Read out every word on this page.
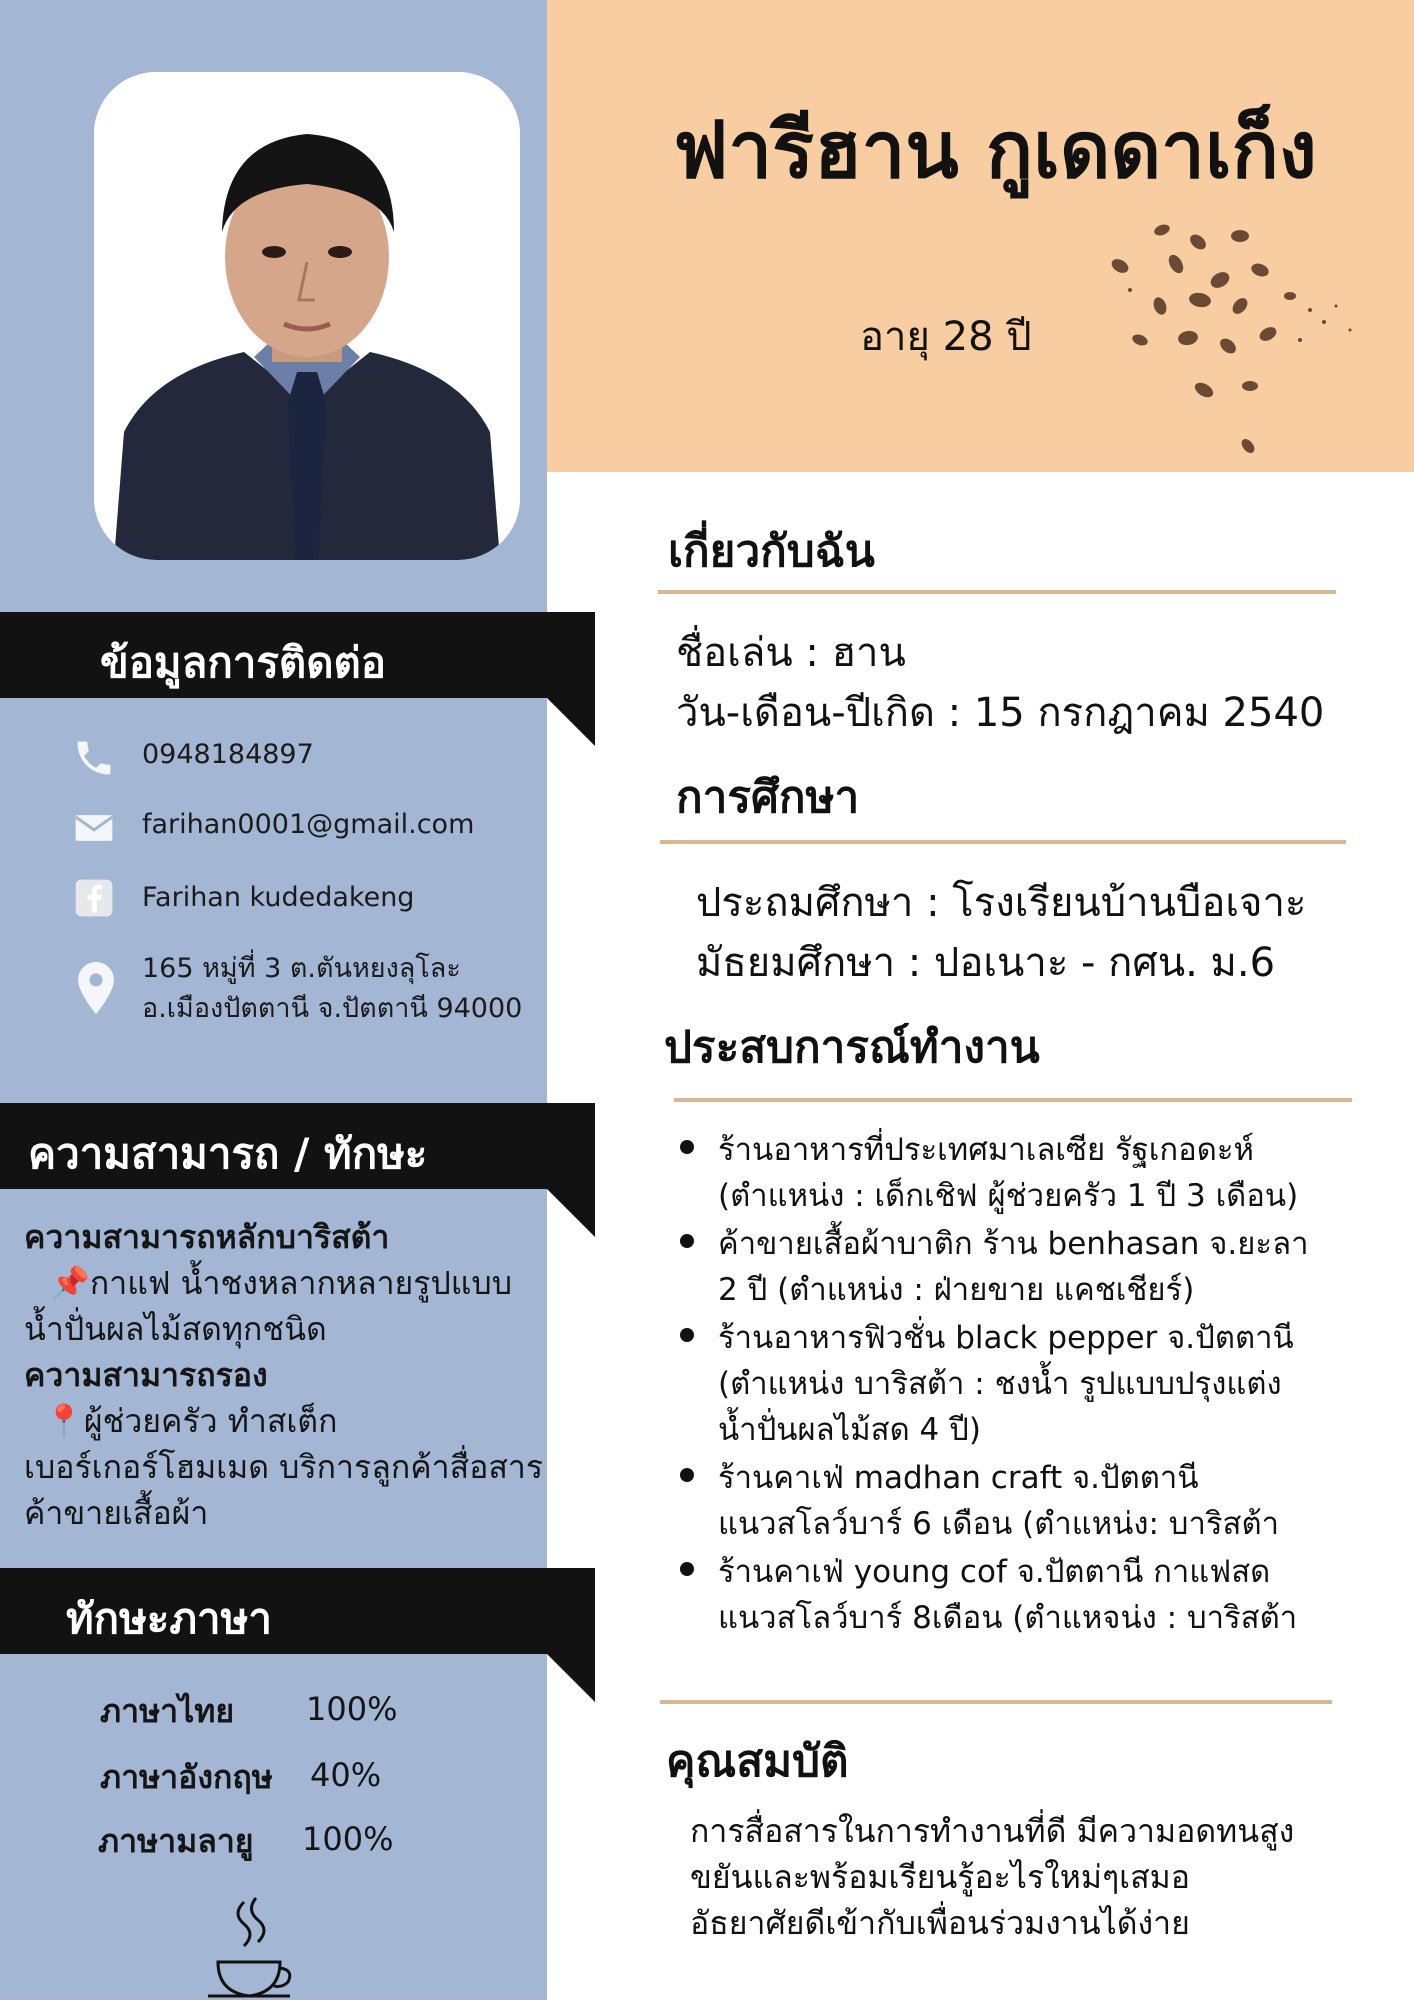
ข้อมูลการติดต่อ
0948184897
farihan0001@gmail.com
Farihan kudedakeng
165 หมู่ที่ 3 ต.ตันหยงลุโละ
อ.เมืองปัตตานี จ.ปัตตานี 94000
ความสามารถ / ทักษะ
ความสามารถหลักบาริสต้า
📌กาแฟ น้ำชงหลากหลายรูปแบบ
น้ำปั่นผลไม้สดทุกชนิด
ความสามารถรอง
📍ผู้ช่วยครัว ทำสเต็ก
เบอร์เกอร์โฮมเมด บริการลูกค้าสื่อสาร
ค้าขายเสื้อผ้า
ทักษะภาษา
ภาษาไทย 100%
ภาษาอังกฤษ 40%
ภาษามลายู 100%
ฟารีฮาน กูเดดาเก็ง
อายุ 28 ปี
เกี่ยวกับฉัน
ชื่อเล่น : ฮาน
วัน-เดือน-ปีเกิด : 15 กรกฎาคม 2540
การศึกษา
ประถมศึกษา : โรงเรียนบ้านบือเจาะ
มัธยมศึกษา : ปอเนาะ - กศน. ม.6
ประสบการณ์ทำงาน
ร้านอาหารที่ประเทศมาเลเซีย รัฐเกอดะห์
(ตำแหน่ง : เด็กเชิฟ ผู้ช่วยครัว 1 ปี 3 เดือน)
ค้าขายเสื้อผ้าบาติก ร้าน benhasan จ.ยะลา
2 ปี (ตำแหน่ง : ฝ่ายขาย แคชเชียร์)
ร้านอาหารฟิวชั่น black pepper จ.ปัตตานี
(ตำแหน่ง บาริสต้า : ชงน้ำ รูปแบบปรุงแต่ง
น้ำปั่นผลไม้สด 4 ปี)
ร้านคาเฟ่ madhan craft จ.ปัตตานี
แนวสโลว์บาร์ 6 เดือน (ตำแหน่ง: บาริสต้า
ร้านคาเฟ่ young cof จ.ปัตตานี กาแฟสด
แนวสโลว์บาร์ 8เดือน (ตำแหจน่ง : บาริสต้า
คุณสมบัติ
การสื่อสารในการทำงานที่ดี มีความอดทนสูง
ขยันและพร้อมเรียนรู้อะไรใหม่ๆเสมอ
อัธยาศัยดีเข้ากับเพื่อนร่วมงานได้ง่าย
